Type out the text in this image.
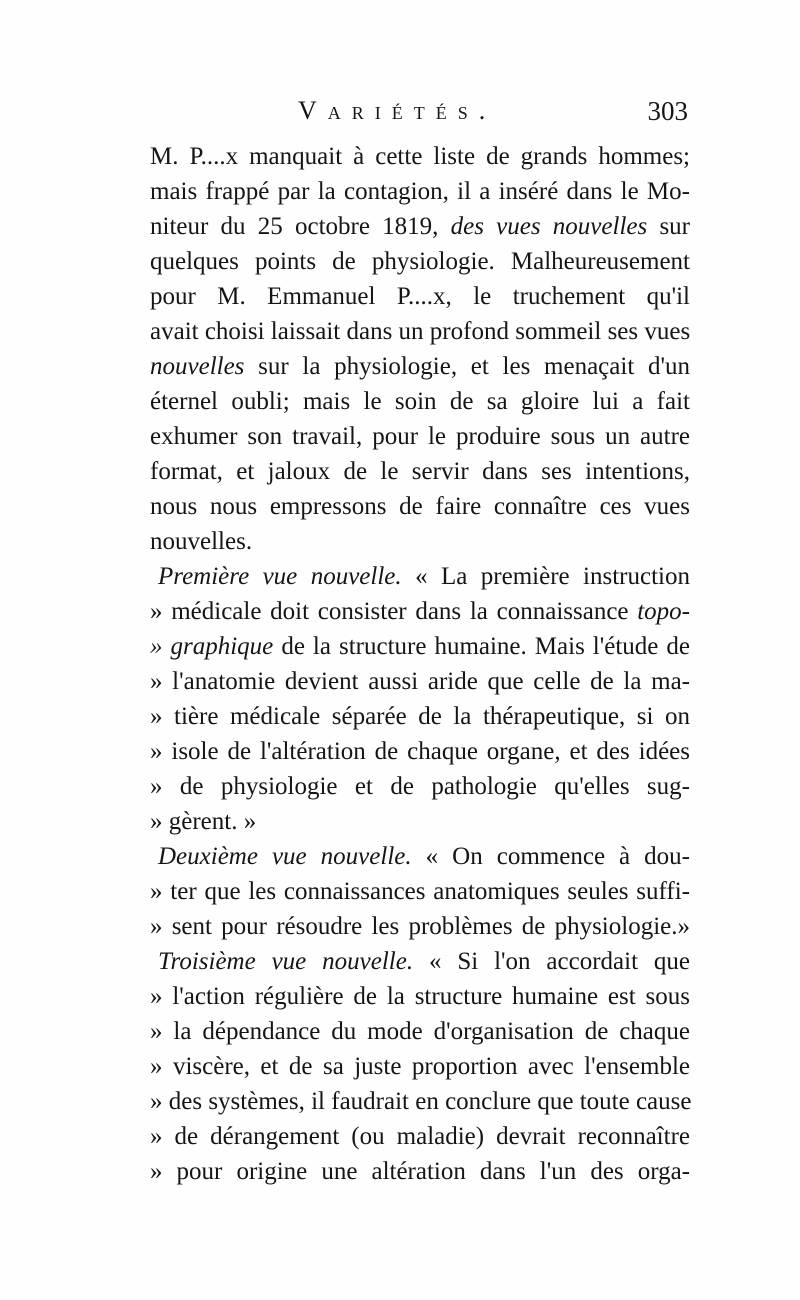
Variétés.	303
M. P....x manquait à cette liste de grands hommes;
mais frappé par la contagion, il a inséré dans le Mo-
niteur du 25 octobre 1819, des vues nouvelles sur
quelques points de physiologie. Malheureusement
pour M. Emmanuel P....x, le truchement qu'il
avait choisi laissait dans un profond sommeil ses vues
nouvelles sur la physiologie, et les menaçait d'un
éternel oubli; mais le soin de sa gloire lui a fait
exhumer son travail, pour le produire sous un autre
format, et jaloux de le servir dans ses intentions,
nous nous empressons de faire connaître ces vues
nouvelles.
Première vue nouvelle. « La première instruction
» médicale doit consister dans la connaissance topo-
» graphique de la structure humaine. Mais l'étude de
» l'anatomie devient aussi aride que celle de la ma-
» tière médicale séparée de la thérapeutique, si on
» isole de l'altération de chaque organe, et des idées
» de physiologie et de pathologie qu'elles sug-
» gèrent. »
Deuxième vue nouvelle. « On commence à dou-
» ter que les connaissances anatomiques seules suffi-
» sent pour résoudre les problèmes de physiologie.»
Troisième vue nouvelle. « Si l'on accordait que
» l'action régulière de la structure humaine est sous
» la dépendance du mode d'organisation de chaque
» viscère, et de sa juste proportion avec l'ensemble
» des systèmes, il faudrait en conclure que toute cause
» de dérangement (ou maladie) devrait reconnaître
» pour origine une altération dans l'un des orga-
